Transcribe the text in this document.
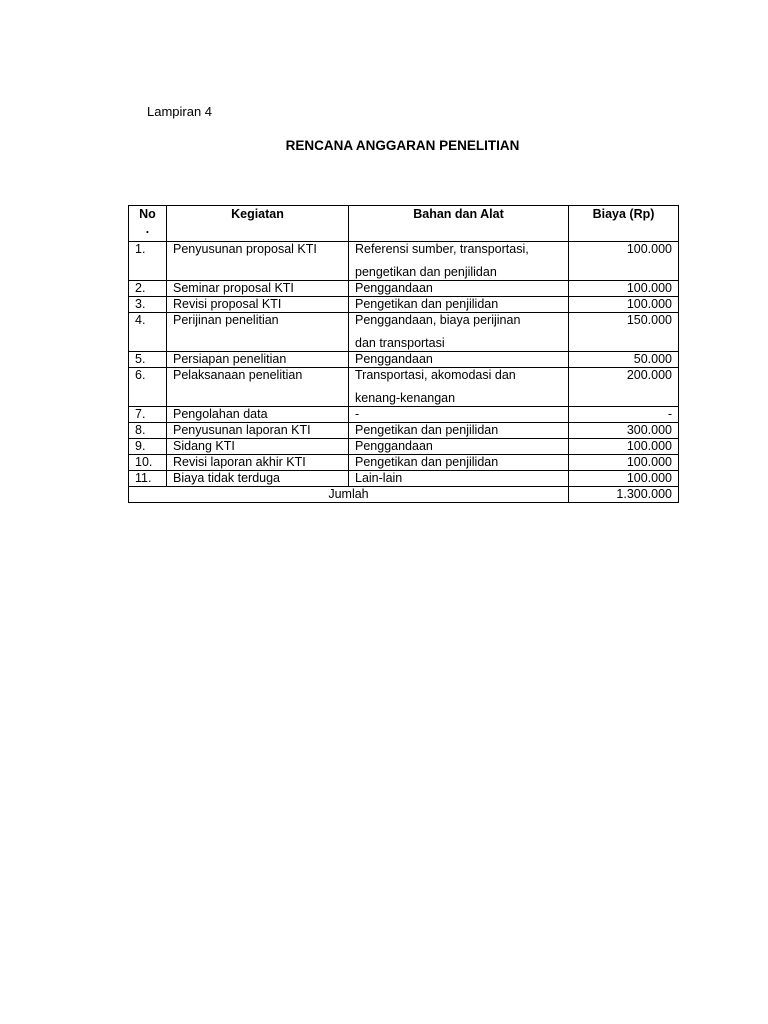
Lampiran 4
RENCANA ANGGARAN PENELITIAN
No
.	Kegiatan	Bahan dan Alat	Biaya (Rp)
1.	Penyusunan proposal KTI	Referensi sumber, transportasi,
pengetikan dan penjilidan	100.000
2.	Seminar proposal KTI	Penggandaan	100.000
3.	Revisi proposal KTI	Pengetikan dan penjilidan	100.000
4.	Perijinan penelitian	Penggandaan, biaya perijinan
dan transportasi	150.000
5.	Persiapan penelitian	Penggandaan	50.000
6.	Pelaksanaan penelitian	Transportasi, akomodasi dan
kenang-kenangan	200.000
7.	Pengolahan data	-	-
8.	Penyusunan laporan KTI	Pengetikan dan penjilidan	300.000
9.	Sidang KTI	Penggandaan	100.000
10.	Revisi laporan akhir KTI	Pengetikan dan penjilidan	100.000
11.	Biaya tidak terduga	Lain-lain	100.000
Jumlah			1.300.000
